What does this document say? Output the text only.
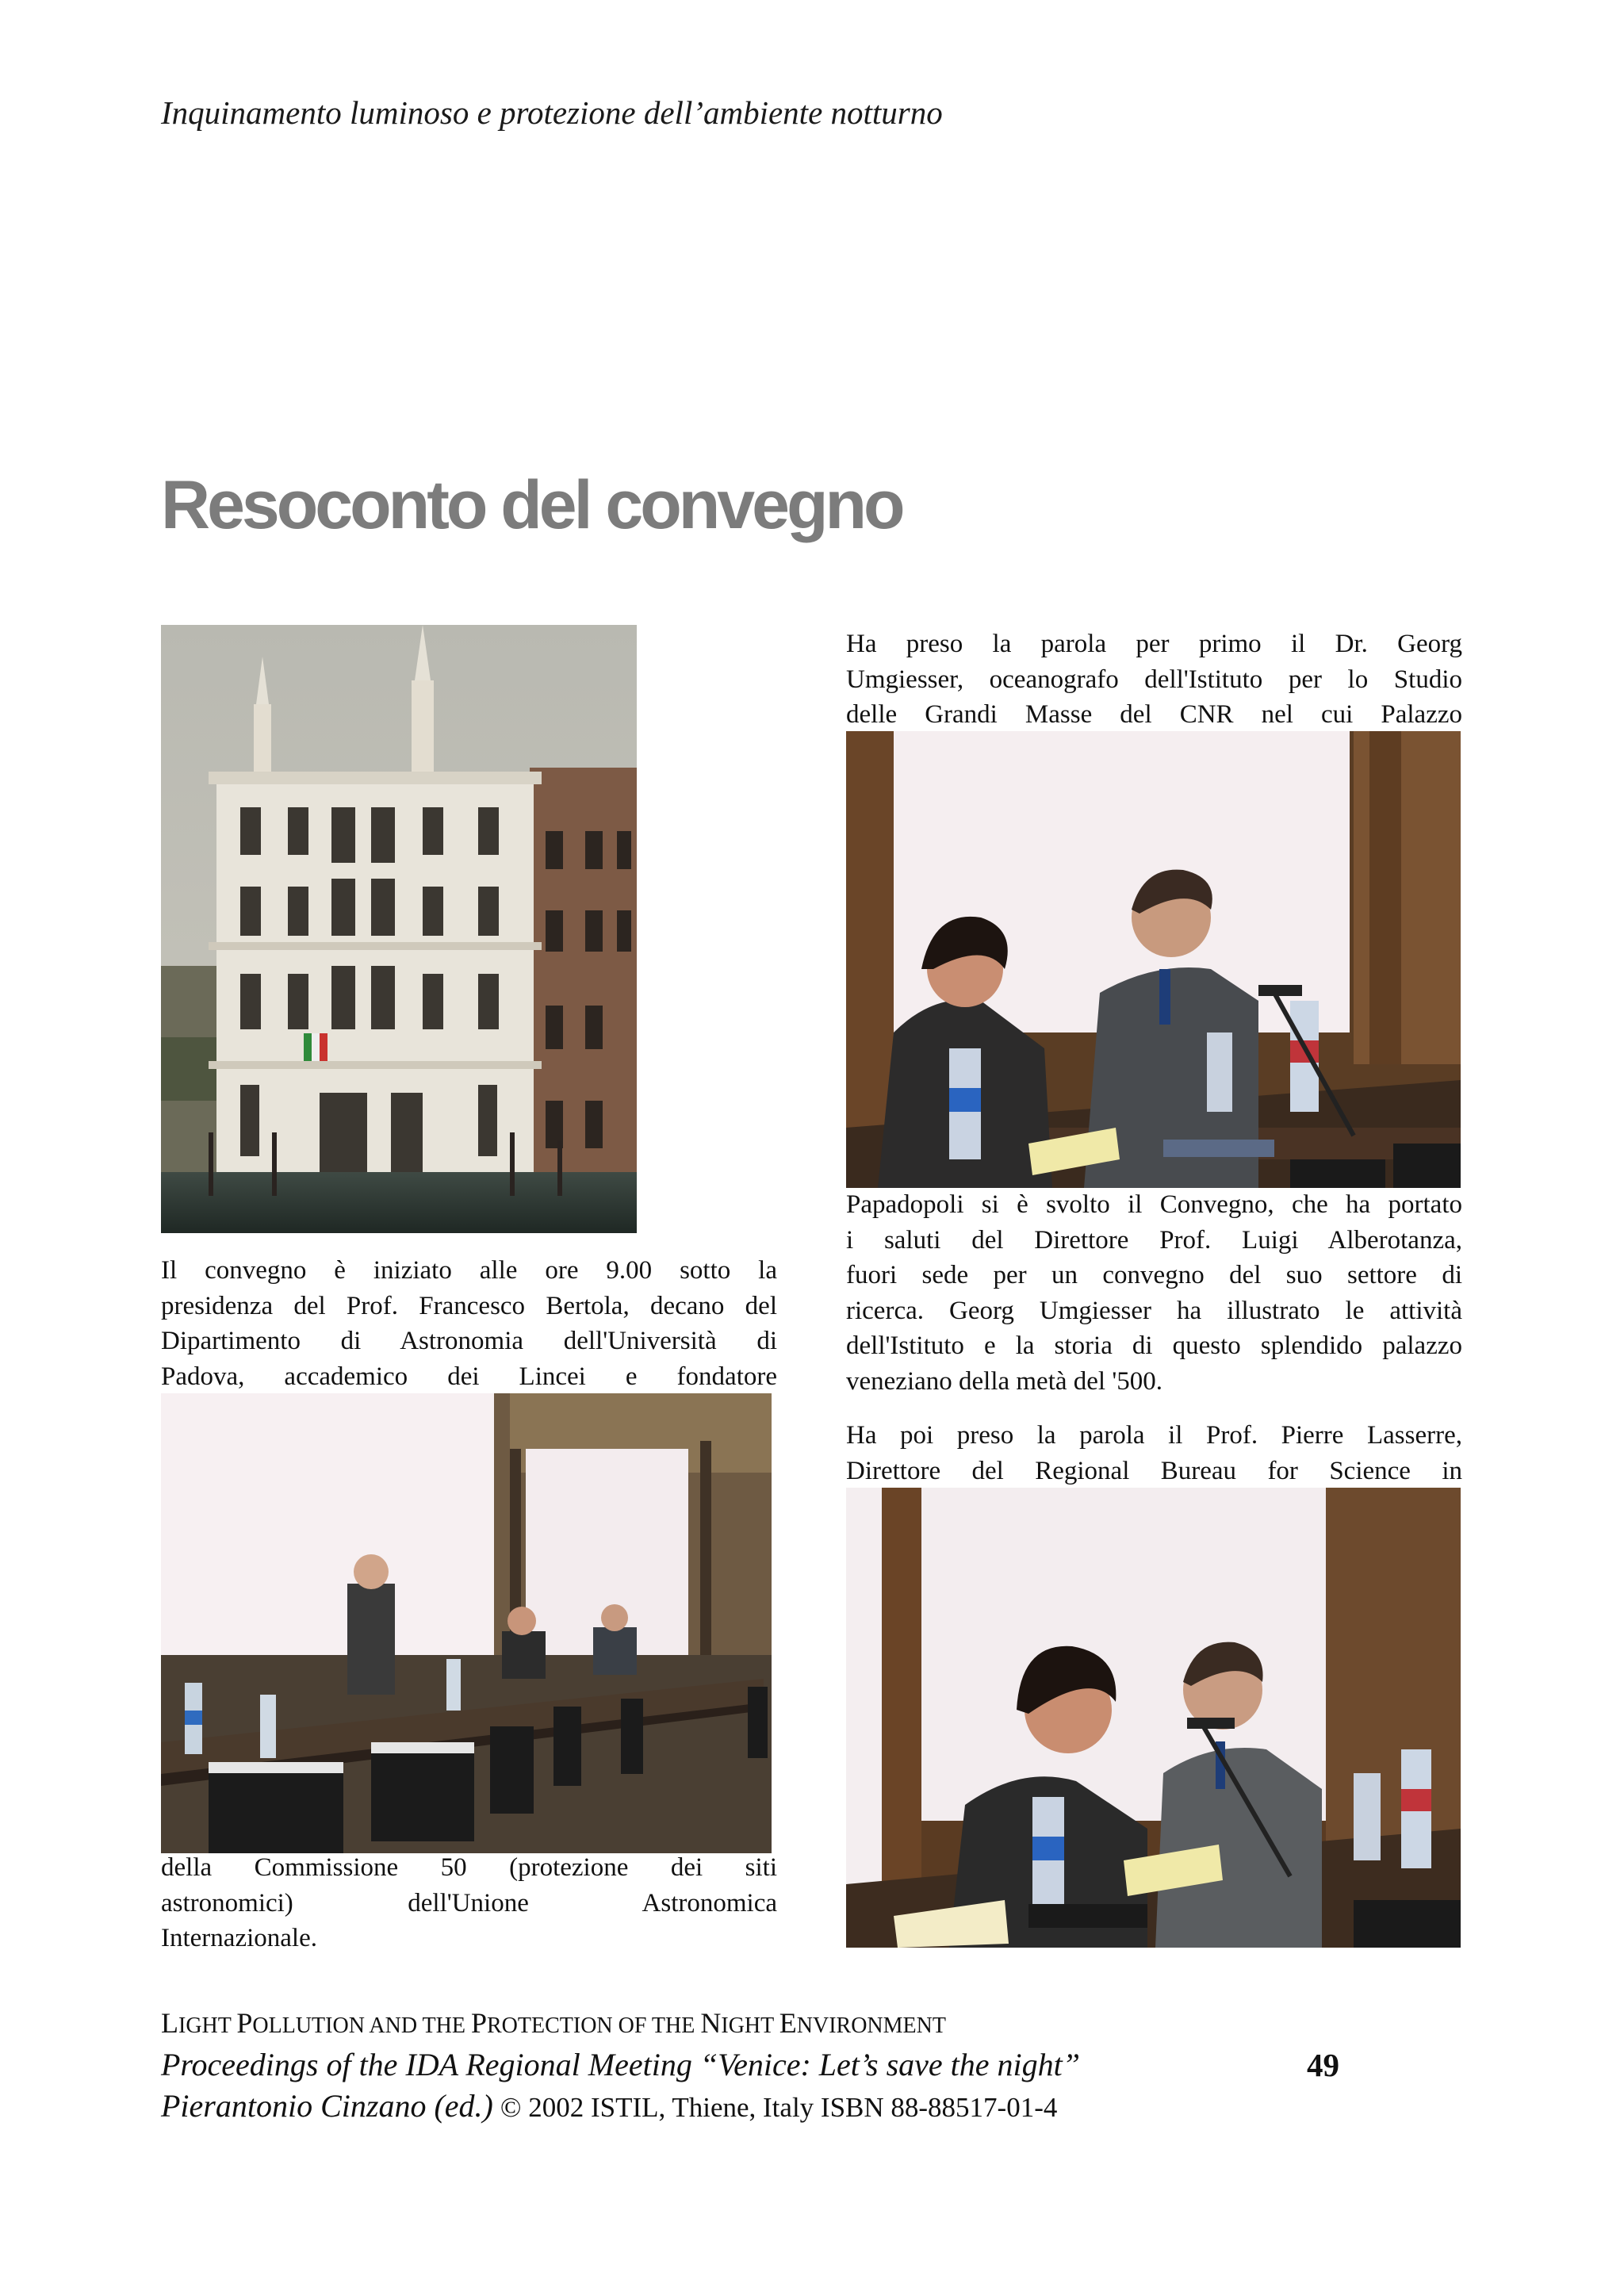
Inquinamento luminoso e protezione dell’ambiente notturno
Resoconto del convegno
Il convegno è iniziato alle ore 9.00 sotto la
presidenza del Prof. Francesco Bertola, decano del
Dipartimento di Astronomia dell'Università di
Padova, accademico dei Lincei e fondatore
della Commissione 50 (protezione dei siti
astronomici) dell'Unione Astronomica
Internazionale.
Ha preso la parola per primo il Dr. Georg
Umgiesser, oceanografo dell'Istituto per lo Studio
delle Grandi Masse del CNR nel cui Palazzo
Papadopoli si è svolto il Convegno, che ha portato
i saluti del Direttore Prof. Luigi Alberotanza,
fuori sede per un convegno del suo settore di
ricerca. Georg Umgiesser ha illustrato le attività
dell'Istituto e la storia di questo splendido palazzo
veneziano della metà del '500.
Ha poi preso la parola il Prof. Pierre Lasserre,
Direttore del Regional Bureau for Science in
LIGHT POLLUTION AND THE PROTECTION OF THE NIGHT ENVIRONMENT
Proceedings of the IDA Regional Meeting “Venice: Let’s save the night”
Pierantonio Cinzano (ed.) © 2002 ISTIL, Thiene, Italy ISBN 88-88517-01-4
49
